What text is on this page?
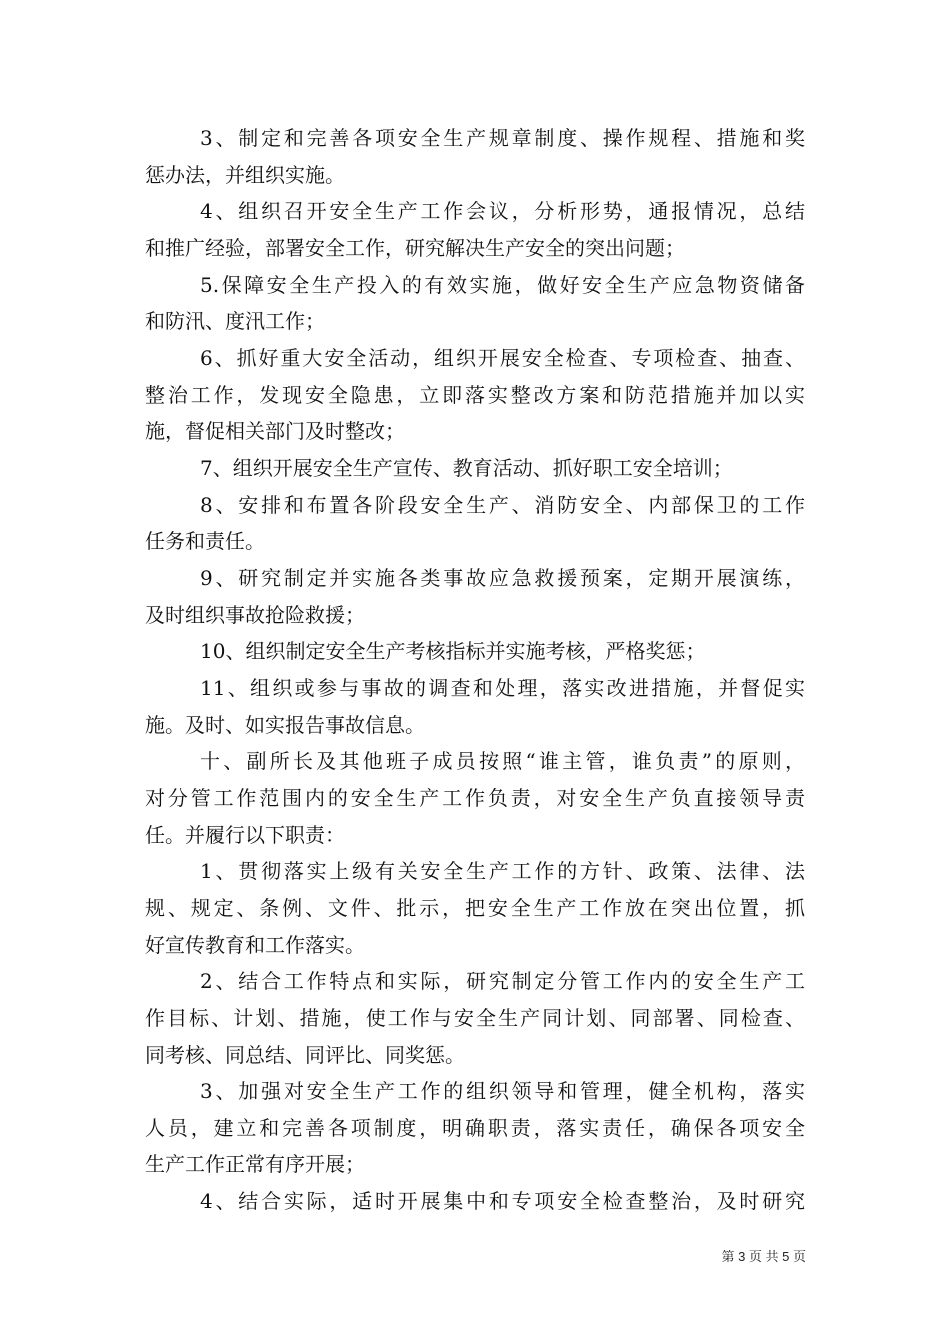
3、制定和完善各项安全生产规章制度、操作规程、措施和奖
惩办法，并组织实施。
4、组织召开安全生产工作会议，分析形势，通报情况，总结
和推广经验，部署安全工作，研究解决生产安全的突出问题；
5.保障安全生产投入的有效实施，做好安全生产应急物资储备
和防汛、度汛工作；
6、抓好重大安全活动，组织开展安全检查、专项检查、抽查、
整治工作，发现安全隐患，立即落实整改方案和防范措施并加以实
施，督促相关部门及时整改；
7、组织开展安全生产宣传、教育活动、抓好职工安全培训；
8、安排和布置各阶段安全生产、消防安全、内部保卫的工作
任务和责任。
9、研究制定并实施各类事故应急救援预案，定期开展演练，
及时组织事故抢险救援；
10、组织制定安全生产考核指标并实施考核，严格奖惩；
11、组织或参与事故的调查和处理，落实改进措施，并督促实
施。及时、如实报告事故信息。
十、副所长及其他班子成员按照“谁主管，谁负责”的原则，
对分管工作范围内的安全生产工作负责，对安全生产负直接领导责
任。并履行以下职责：
1、贯彻落实上级有关安全生产工作的方针、政策、法律、法
规、规定、条例、文件、批示，把安全生产工作放在突出位置，抓
好宣传教育和工作落实。
2、结合工作特点和实际，研究制定分管工作内的安全生产工
作目标、计划、措施，使工作与安全生产同计划、同部署、同检查、
同考核、同总结、同评比、同奖惩。
3、加强对安全生产工作的组织领导和管理，健全机构，落实
人员，建立和完善各项制度，明确职责，落实责任，确保各项安全
生产工作正常有序开展；
4、结合实际，适时开展集中和专项安全检查整治，及时研究
第 3 页 共 5 页
